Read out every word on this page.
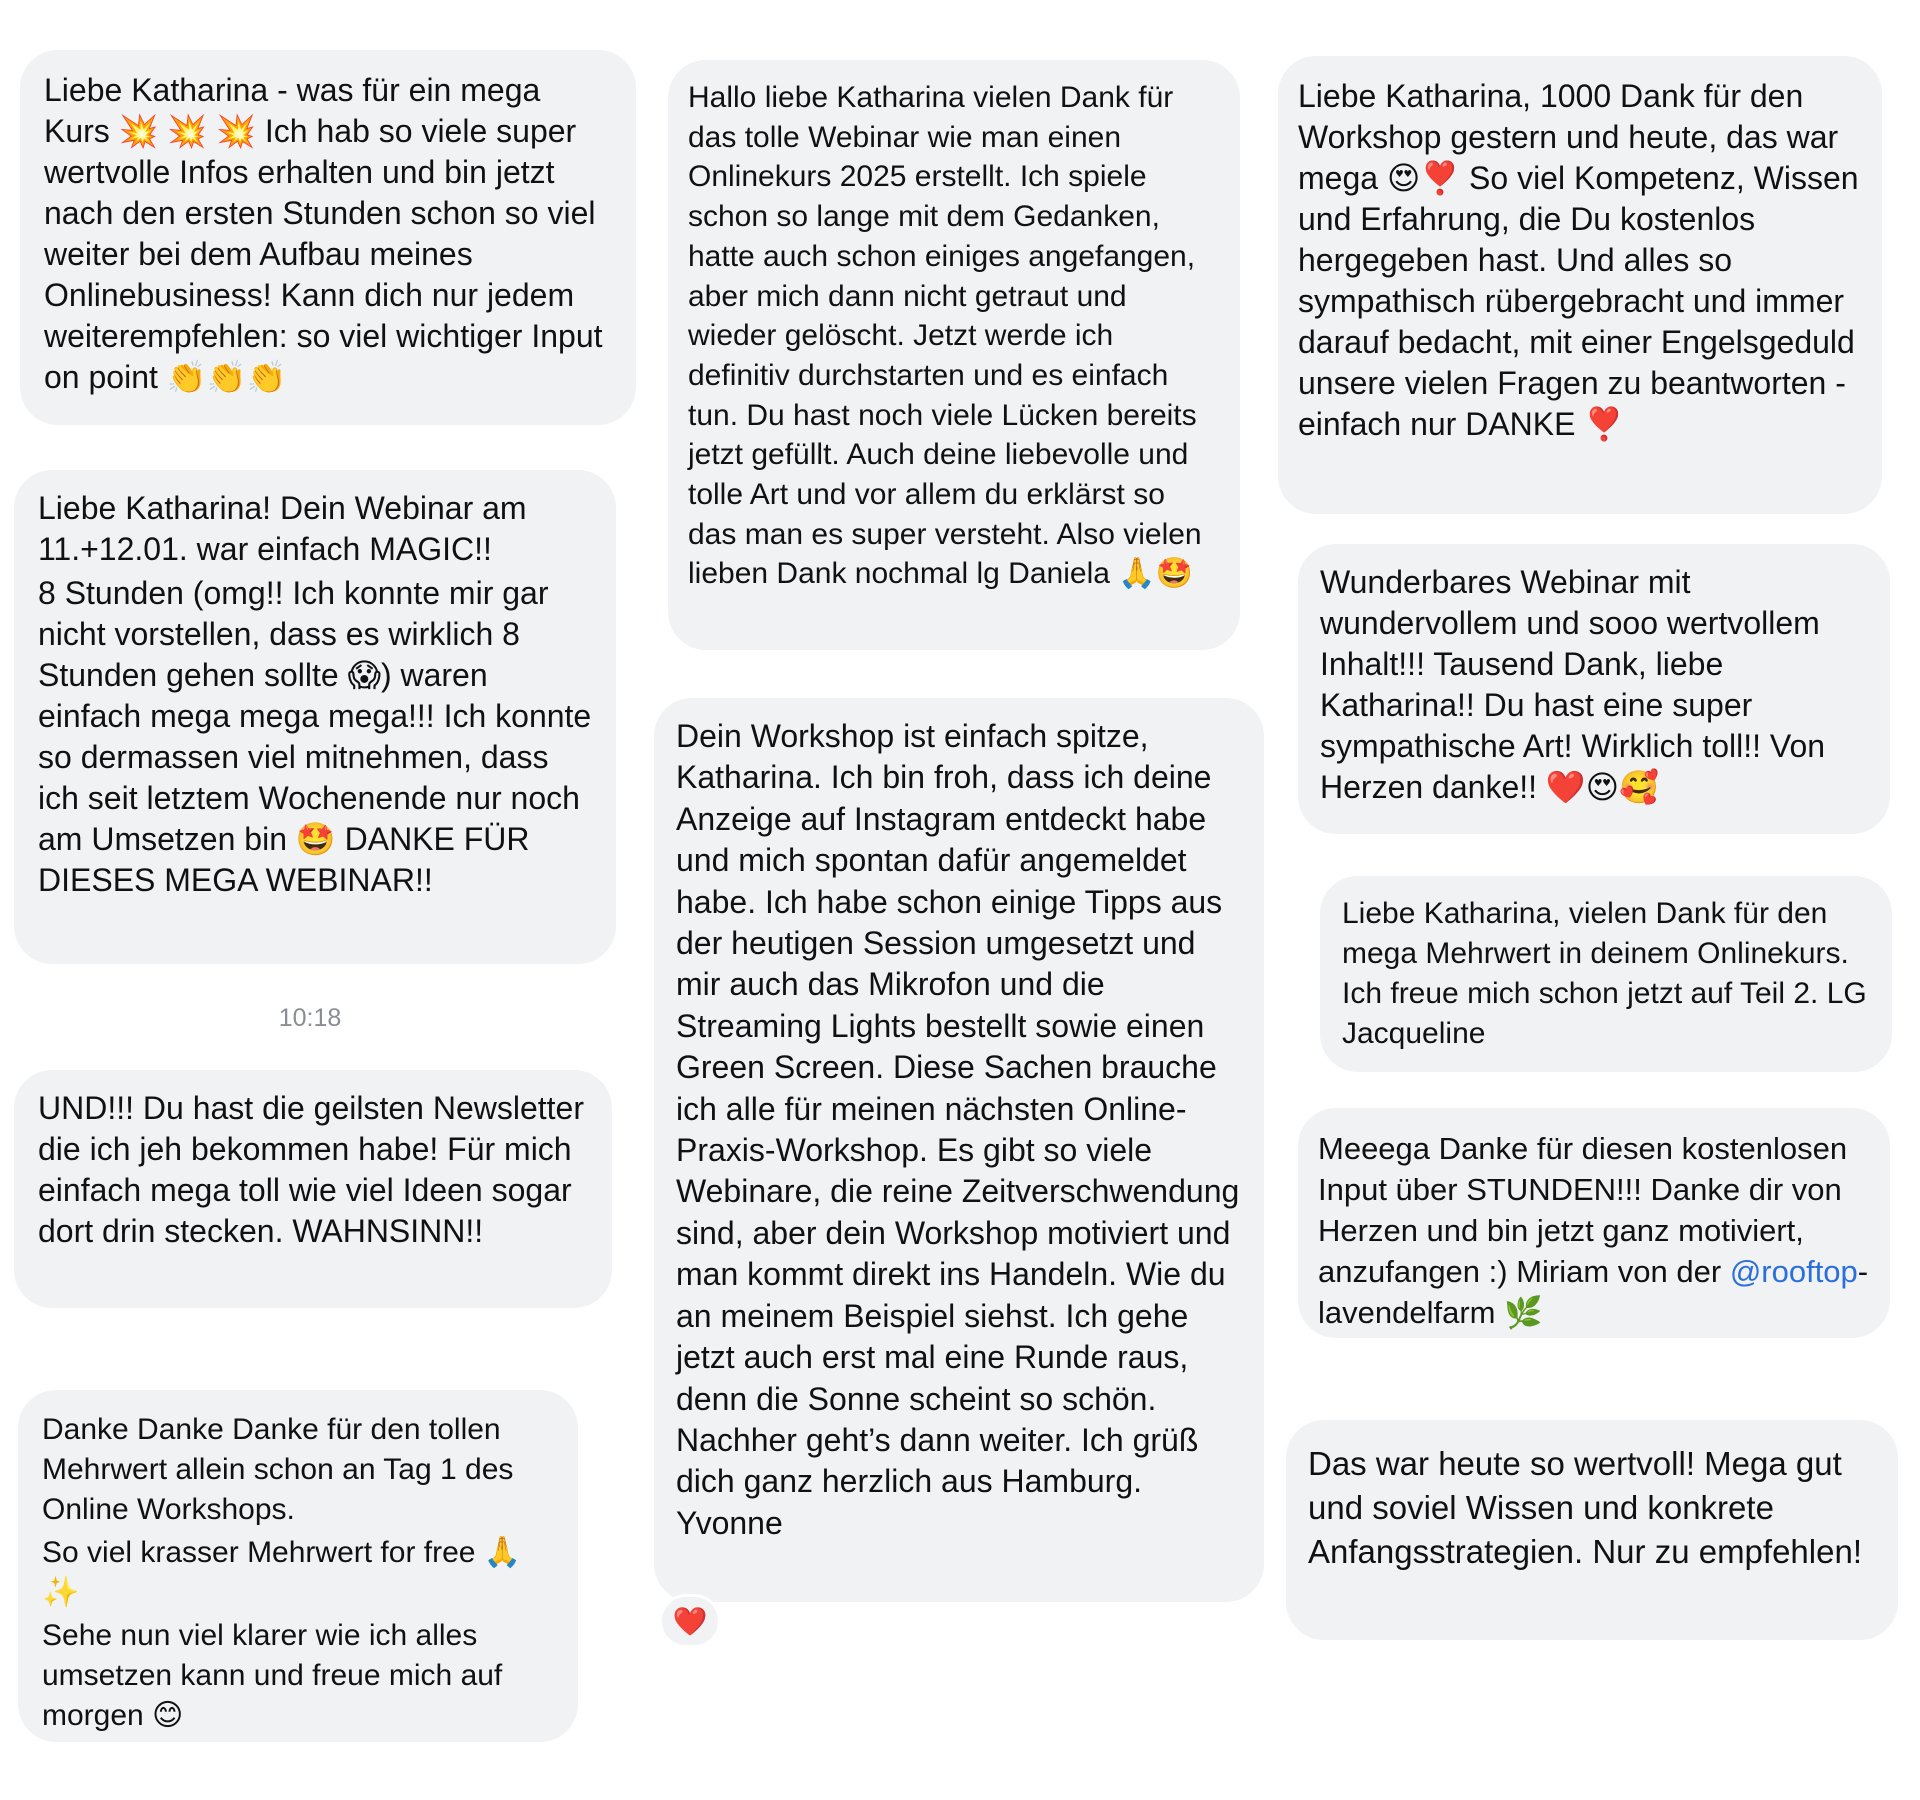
Liebe Katharina - was für ein mega Kurs 💥 💥 💥 Ich hab so viele super wertvolle Infos erhalten und bin jetzt nach den ersten Stunden schon so viel weiter bei dem Aufbau meines Onlinebusiness! Kann dich nur jedem weiterempfehlen: so viel wichtiger Input on point 👏👏👏

Liebe Katharina! Dein Webinar am 11.+12.01. war einfach MAGIC!!

8 Stunden (omg!! Ich konnte mir gar nicht vorstellen, dass es wirklich 8 Stunden gehen sollte 😱) waren einfach mega mega mega!!! Ich konnte so dermassen viel mitnehmen, dass ich seit letztem Wochenende nur noch am Umsetzen bin 🤩 DANKE FÜR DIESES MEGA WEBINAR!!

10:18

UND!!! Du hast die geilsten Newsletter die ich jeh bekommen habe! Für mich einfach mega toll wie viel Ideen sogar dort drin stecken. WAHNSINN!!

Danke Danke Danke für den tollen Mehrwert allein schon an Tag 1 des Online Workshops.

So viel krasser Mehrwert for free 🙏✨

Sehe nun viel klarer wie ich alles umsetzen kann und freue mich auf morgen 😊

Hallo liebe Katharina vielen Dank für das tolle Webinar wie man einen Onlinekurs 2025 erstellt. Ich spiele schon so lange mit dem Gedanken, hatte auch schon einiges angefangen, aber mich dann nicht getraut und wieder gelöscht. Jetzt werde ich definitiv durchstarten und es einfach tun. Du hast noch viele Lücken bereits jetzt gefüllt. Auch deine liebevolle und tolle Art und vor allem du erklärst so das man es super versteht. Also vielen lieben Dank nochmal lg Daniela 🙏🤩

Dein Workshop ist einfach spitze, Katharina. Ich bin froh, dass ich deine Anzeige auf Instagram entdeckt habe und mich spontan dafür angemeldet habe. Ich habe schon einige Tipps aus der heutigen Session umgesetzt und mir auch das Mikrofon und die Streaming Lights bestellt sowie einen Green Screen. Diese Sachen brauche ich alle für meinen nächsten Online-Praxis-Workshop. Es gibt so viele Webinare, die reine Zeitverschwendung sind, aber dein Workshop motiviert und man kommt direkt ins Handeln. Wie du an meinem Beispiel siehst. Ich gehe jetzt auch erst mal eine Runde raus, denn die Sonne scheint so schön. Nachher geht’s dann weiter. Ich grüß dich ganz herzlich aus Hamburg. Yvonne

❤️

Liebe Katharina, 1000 Dank für den Workshop gestern und heute, das war mega 😍❣️ So viel Kompetenz, Wissen und Erfahrung, die Du kostenlos hergegeben hast. Und alles so sympathisch rübergebracht und immer darauf bedacht, mit einer Engelsgeduld unsere vielen Fragen zu beantworten - einfach nur DANKE ❣️

Wunderbares Webinar mit wundervollem und sooo wertvollem Inhalt!!! Tausend Dank, liebe Katharina!! Du hast eine super sympathische Art! Wirklich toll!! Von Herzen danke!! ❤️😍🥰

Liebe Katharina, vielen Dank für den mega Mehrwert in deinem Onlinekurs. Ich freue mich schon jetzt auf Teil 2. LG Jacqueline

Meeega Danke für diesen kostenlosen Input über STUNDEN!!! Danke dir von Herzen und bin jetzt ganz motiviert, anzufangen :) Miriam von der @rooftop-lavendelfarm 🌿

Das war heute so wertvoll! Mega gut und soviel Wissen und konkrete Anfangsstrategien. Nur zu empfehlen!
